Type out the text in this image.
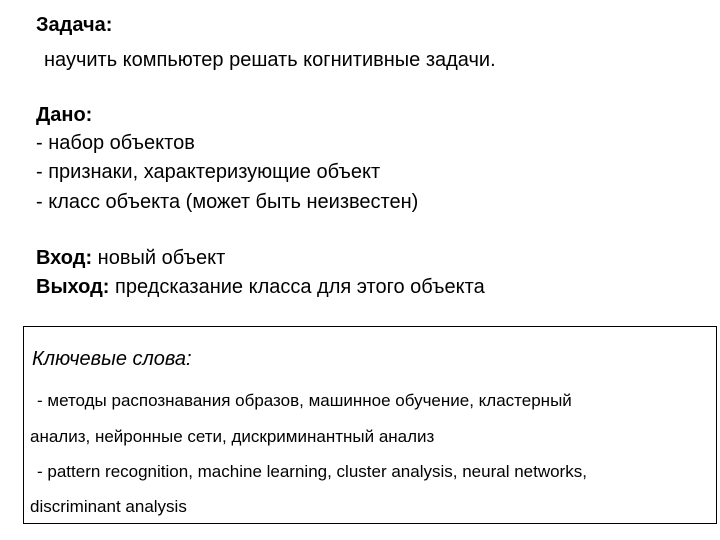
Задача:
научить компьютер решать когнитивные задачи.
Дано:
- набор объектов
- признаки, характеризующие объект
- класс объекта (может быть неизвестен)
Вход: новый объект
Выход: предсказание класса для этого объекта
Ключевые слова:
- методы распознавания образов, машинное обучение, кластерный
анализ, нейронные сети, дискриминантный анализ
- pattern recognition, machine learning, cluster analysis, neural networks,
discriminant analysis
